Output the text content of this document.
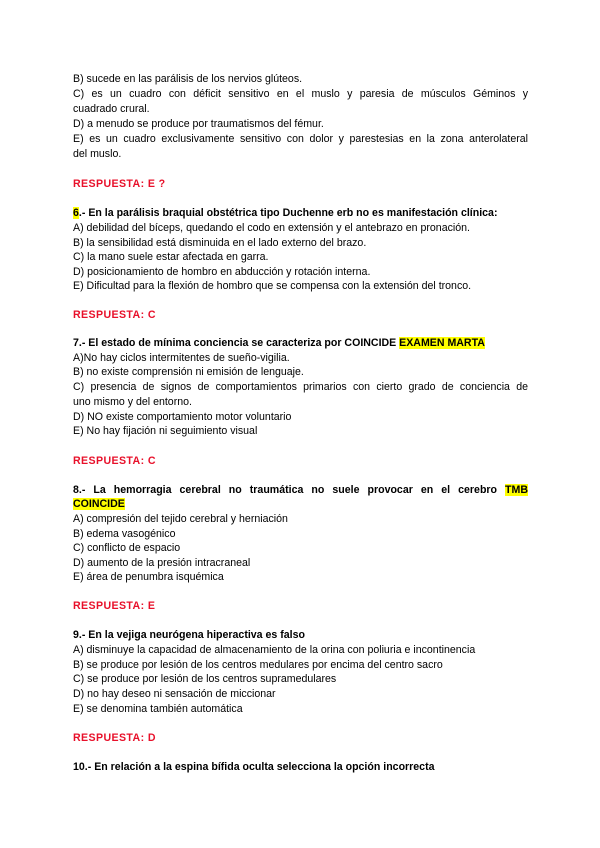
B) sucede en las parálisis de los nervios glúteos.
C) es un cuadro con déficit sensitivo en el muslo y paresia de músculos Géminos y
cuadrado crural.
D) a menudo se produce por traumatismos del fémur.
E) es un cuadro exclusivamente sensitivo con dolor y parestesias en la zona anterolateral
del muslo.
RESPUESTA: E ?
6.- En la parálisis braquial obstétrica tipo Duchenne erb no es manifestación clínica:
A) debilidad del bíceps, quedando el codo en extensión y el antebrazo en pronación.
B) la sensibilidad está disminuida en el lado externo del brazo.
C) la mano suele estar afectada en garra.
D) posicionamiento de hombro en abducción y rotación interna.
E) Dificultad para la flexión de hombro que se compensa con la extensión del tronco.
RESPUESTA: C
7.- El estado de mínima conciencia se caracteriza por COINCIDE EXAMEN MARTA
A)No hay ciclos intermitentes de sueño-vigilia.
B) no existe comprensión ni emisión de lenguaje.
C) presencia de signos de comportamientos primarios con cierto grado de conciencia de
uno mismo y del entorno.
D) NO existe comportamiento motor voluntario
E) No hay fijación ni seguimiento visual
RESPUESTA: C
8.- La hemorragia cerebral no traumática no suele provocar en el cerebro TMB
COINCIDE
A) compresión del tejido cerebral y herniación
B) edema vasogénico
C) conflicto de espacio
D) aumento de la presión intracraneal
E) área de penumbra isquémica
RESPUESTA: E
9.- En la vejiga neurógena hiperactiva es falso
A) disminuye la capacidad de almacenamiento de la orina con poliuria e incontinencia
B) se produce por lesión de los centros medulares por encima del centro sacro
C) se produce por lesión de los centros supramedulares
D) no hay deseo ni sensación de miccionar
E) se denomina también automática
RESPUESTA: D
10.- En relación a la espina bífida oculta selecciona la opción incorrecta
